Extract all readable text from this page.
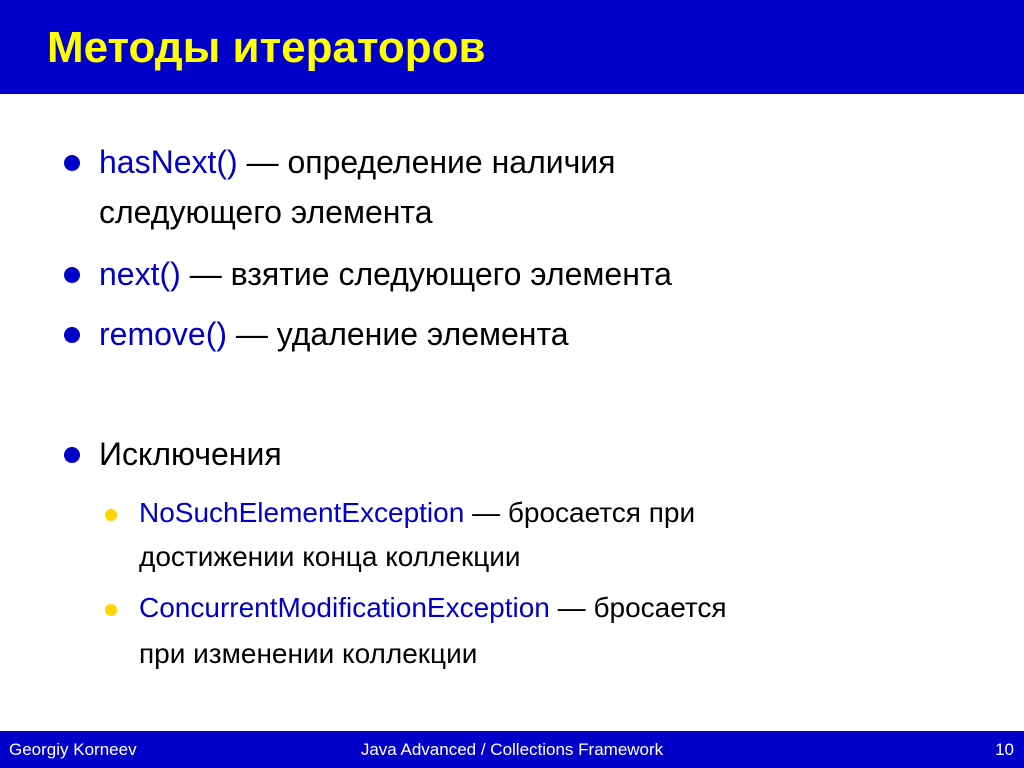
Методы итераторов
hasNext() — определение наличия
следующего элемента
next() — взятие следующего элемента
remove() — удаление элемента
Исключения
NoSuchElementException — бросается при
достижении конца коллекции
ConcurrentModificationException — бросается
при изменении коллекции
Georgiy Korneev	Java Advanced / Collections Framework	10
